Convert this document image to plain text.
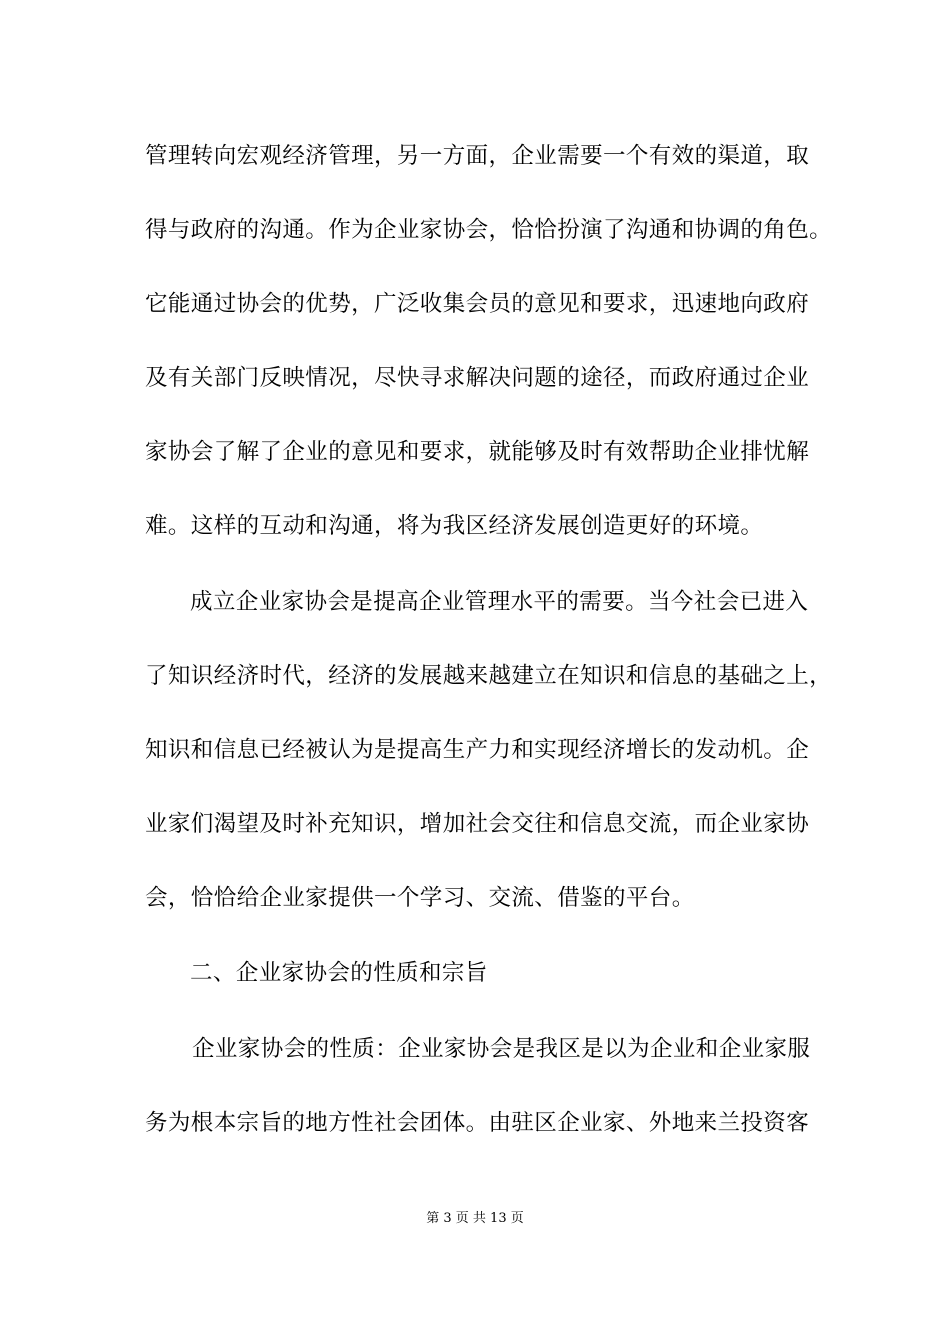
管理转向宏观经济管理，另一方面，企业需要一个有效的渠道，取
得与政府的沟通。作为企业家协会，恰恰扮演了沟通和协调的角色。
它能通过协会的优势，广泛收集会员的意见和要求，迅速地向政府
及有关部门反映情况，尽快寻求解决问题的途径，而政府通过企业
家协会了解了企业的意见和要求，就能够及时有效帮助企业排忧解
难。这样的互动和沟通，将为我区经济发展创造更好的环境。
成立企业家协会是提高企业管理水平的需要。当今社会已进入
了知识经济时代，经济的发展越来越建立在知识和信息的基础之上，
知识和信息已经被认为是提高生产力和实现经济增长的发动机。企
业家们渴望及时补充知识，增加社会交往和信息交流，而企业家协
会，恰恰给企业家提供一个学习、交流、借鉴的平台。
二、企业家协会的性质和宗旨
企业家协会的性质：企业家协会是我区是以为企业和企业家服
务为根本宗旨的地方性社会团体。由驻区企业家、外地来兰投资客
第 3 页 共 13 页
